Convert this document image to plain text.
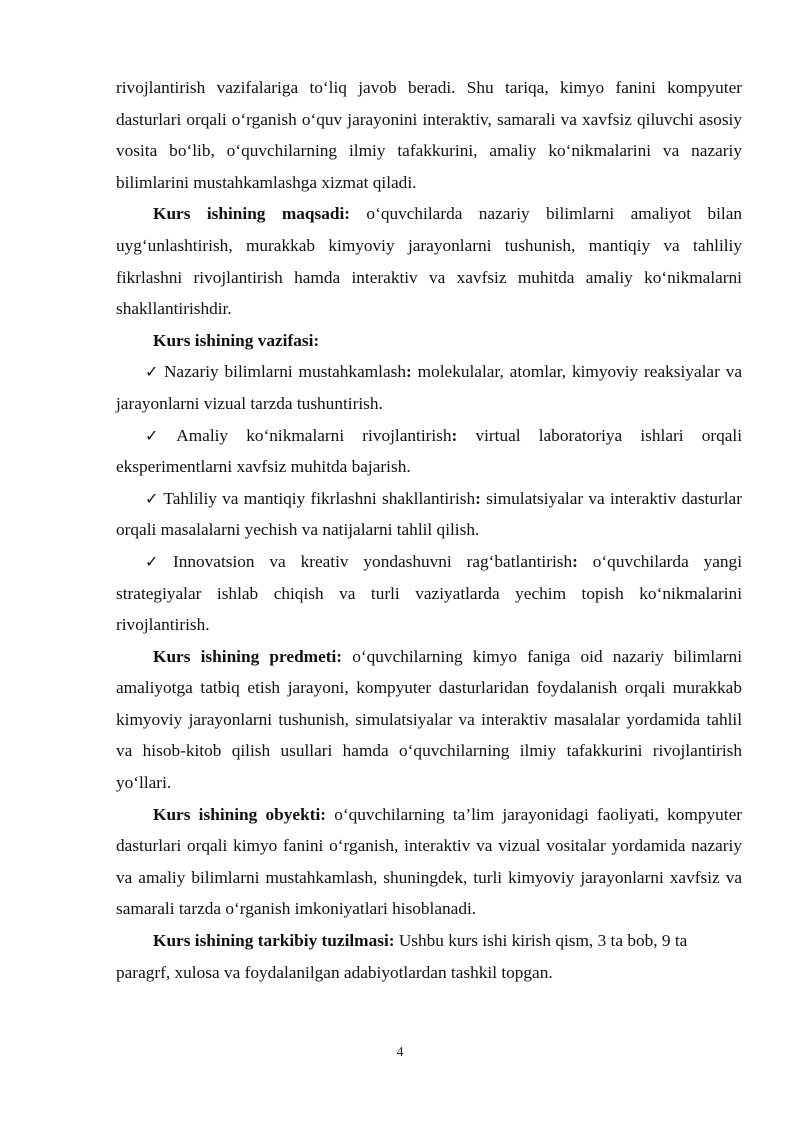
rivojlantirish vazifalariga to‘liq javob beradi. Shu tariqa, kimyo fanini kompyuter dasturlari orqali o‘rganish o‘quv jarayonini interaktiv, samarali va xavfsiz qiluvchi asosiy vosita bo‘lib, o‘quvchilarning ilmiy tafakkurini, amaliy ko‘nikmalarini va nazariy bilimlarini mustahkamlashga xizmat qiladi.

Kurs ishining maqsadi: o‘quvchilarda nazariy bilimlarni amaliyot bilan uyg‘unlashtirish, murakkab kimyoviy jarayonlarni tushunish, mantiqiy va tahliliy fikrlashni rivojlantirish hamda interaktiv va xavfsiz muhitda amaliy ko‘nikmalarni shakllantirishdir.

Kurs ishining vazifasi:

✓ Nazariy bilimlarni mustahkamlash: molekulalar, atomlar, kimyoviy reaksiyalar va jarayonlarni vizual tarzda tushuntirish.

✓ Amaliy ko‘nikmalarni rivojlantirish: virtual laboratoriya ishlari orqali eksperimentlarni xavfsiz muhitda bajarish.

✓ Tahliliy va mantiqiy fikrlashni shakllantirish: simulatsiyalar va interaktiv dasturlar orqali masalalarni yechish va natijalarni tahlil qilish.

✓ Innovatsion va kreativ yondashuvni rag‘batlantirish: o‘quvchilarda yangi strategiyalar ishlab chiqish va turli vaziyatlarda yechim topish ko‘nikmalarini rivojlantirish.

Kurs ishining predmeti: o‘quvchilarning kimyo faniga oid nazariy bilimlarni amaliyotga tatbiq etish jarayoni, kompyuter dasturlaridan foydalanish orqali murakkab kimyoviy jarayonlarni tushunish, simulatsiyalar va interaktiv masalalar yordamida tahlil va hisob-kitob qilish usullari hamda o‘quvchilarning ilmiy tafakkurini rivojlantirish yo‘llari.

Kurs ishining obyekti: o‘quvchilarning ta’lim jarayonidagi faoliyati, kompyuter dasturlari orqali kimyo fanini o‘rganish, interaktiv va vizual vositalar yordamida nazariy va amaliy bilimlarni mustahkamlash, shuningdek, turli kimyoviy jarayonlarni xavfsiz va samarali tarzda o‘rganish imkoniyatlari hisoblanadi.

Kurs ishining tarkibiy tuzilmasi: Ushbu kurs ishi kirish qism, 3 ta bob, 9 ta paragrf, xulosa va foydalanilgan adabiyotlardan tashkil topgan.

4
